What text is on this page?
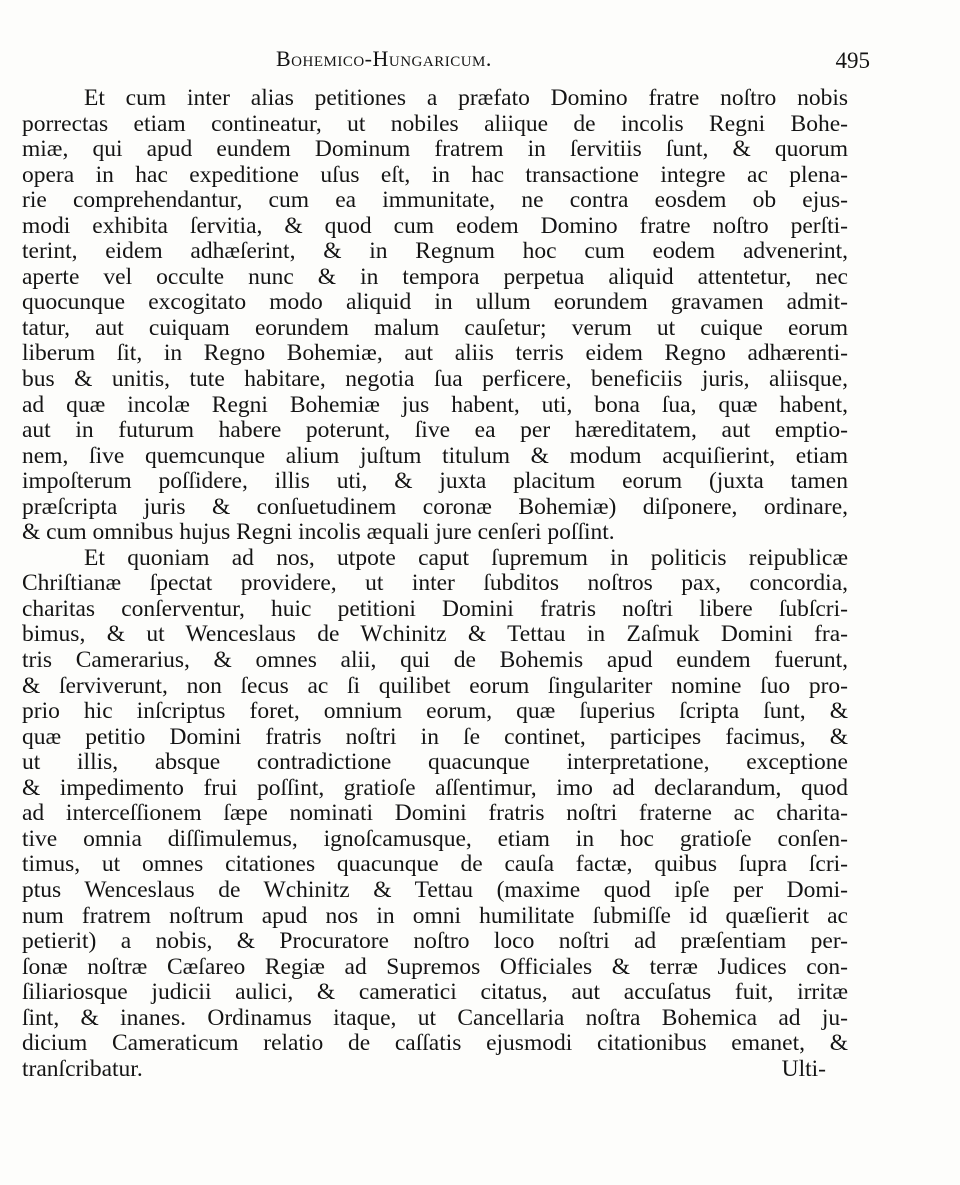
Bohemico-Hungaricum.	495
Et cum inter alias petitiones a præfato Domino fratre noſtro nobis
porrectas etiam contineatur, ut nobiles aliique de incolis Regni Bohe-
miæ, qui apud eundem Dominum fratrem in ſervitiis ſunt, & quorum
opera in hac expeditione uſus eſt, in hac transactione integre ac plena-
rie comprehendantur, cum ea immunitate, ne contra eosdem ob ejus-
modi exhibita ſervitia, & quod cum eodem Domino fratre noſtro perſti-
terint, eidem adhæſerint, & in Regnum hoc cum eodem advenerint,
aperte vel occulte nunc & in tempora perpetua aliquid attentetur, nec
quocunque excogitato modo aliquid in ullum eorundem gravamen admit-
tatur, aut cuiquam eorundem malum cauſetur; verum ut cuique eorum
liberum ſit, in Regno Bohemiæ, aut aliis terris eidem Regno adhærenti-
bus & unitis, tute habitare, negotia ſua perficere, beneficiis juris, aliisque,
ad quæ incolæ Regni Bohemiæ jus habent, uti, bona ſua, quæ habent,
aut in futurum habere poterunt, ſive ea per hæreditatem, aut emptio-
nem, ſive quemcunque alium juſtum titulum & modum acquiſierint, etiam
impoſterum poſſidere, illis uti, & juxta placitum eorum (juxta tamen
præſcripta juris & conſuetudinem coronæ Bohemiæ) diſponere, ordinare,
& cum omnibus hujus Regni incolis æquali jure cenſeri poſſint.
Et quoniam ad nos, utpote caput ſupremum in politicis reipublicæ
Chriſtianæ ſpectat providere, ut inter ſubditos noſtros pax, concordia,
charitas conſerventur, huic petitioni Domini fratris noſtri libere ſubſcri-
bimus, & ut Wenceslaus de Wchinitz & Tettau in Zaſmuk Domini fra-
tris Camerarius, & omnes alii, qui de Bohemis apud eundem fuerunt,
& ſerviverunt, non ſecus ac ſi quilibet eorum ſingulariter nomine ſuo pro-
prio hic inſcriptus foret, omnium eorum, quæ ſuperius ſcripta ſunt, &
quæ petitio Domini fratris noſtri in ſe continet, participes facimus, &
ut illis, absque contradictione quacunque interpretatione, exceptione
& impedimento frui poſſint, gratioſe aſſentimur, imo ad declarandum, quod
ad interceſſionem ſæpe nominati Domini fratris noſtri fraterne ac charita-
tive omnia diſſimulemus, ignoſcamusque, etiam in hoc gratioſe conſen-
timus, ut omnes citationes quacunque de cauſa factæ, quibus ſupra ſcri-
ptus Wenceslaus de Wchinitz & Tettau (maxime quod ipſe per Domi-
num fratrem noſtrum apud nos in omni humilitate ſubmiſſe id quæſierit ac
petierit) a nobis, & Procuratore noſtro loco noſtri ad præſentiam per-
ſonæ noſtræ Cæſareo Regiæ ad Supremos Officiales & terræ Judices con-
ſiliariosque judicii aulici, & cameratici citatus, aut accuſatus fuit, irritæ
ſint, & inanes. Ordinamus itaque, ut Cancellaria noſtra Bohemica ad ju-
dicium Cameraticum relatio de caſſatis ejusmodi citationibus emanet, &
tranſcribatur.	Ulti-
